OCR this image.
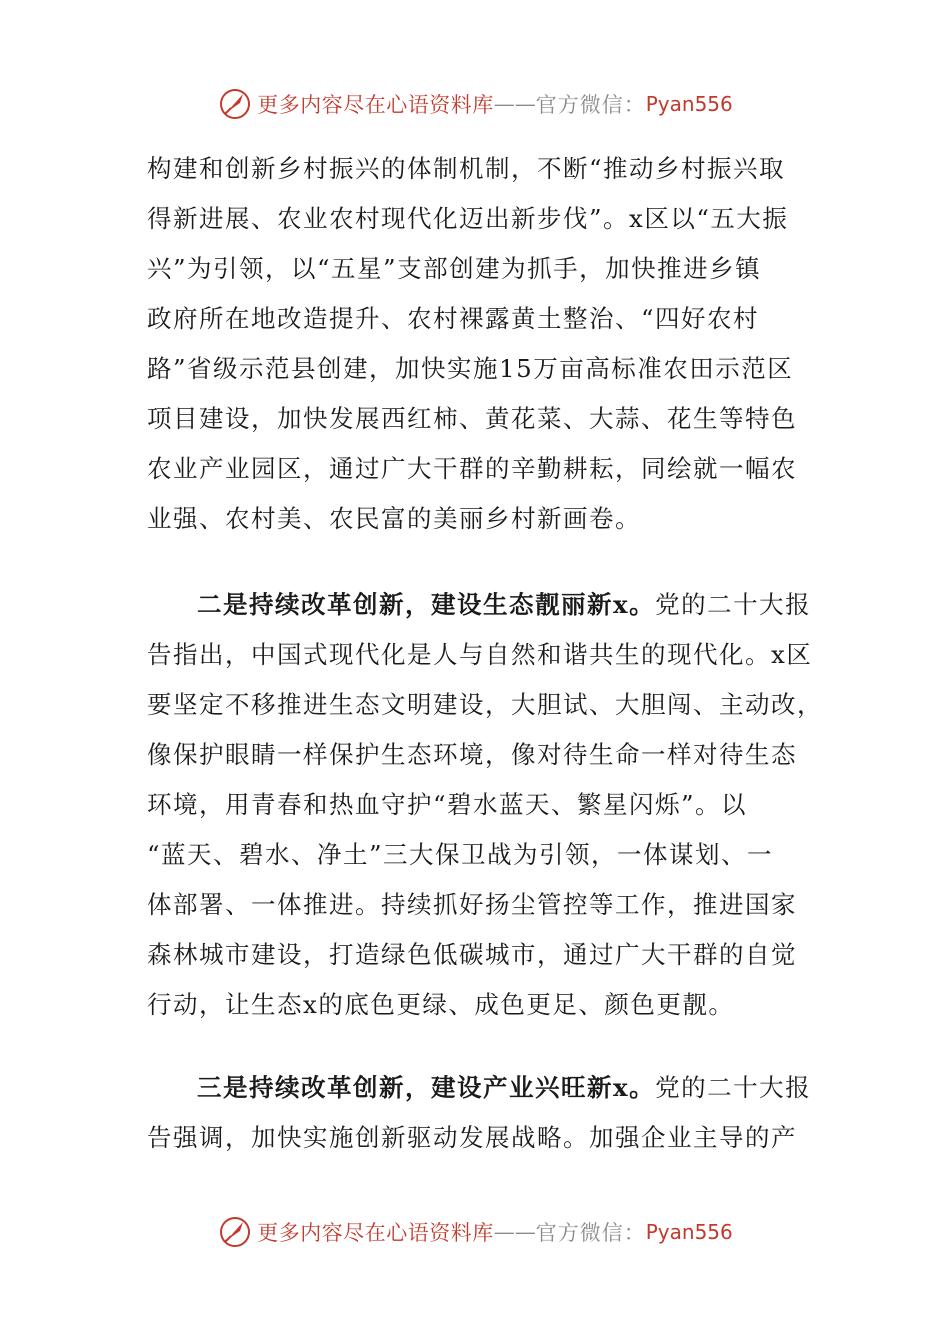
更多内容尽在心语资料库 —— 官方微信： Pyan556

构建和创新乡村振兴的体制机制，不断“推动乡村振兴取
得新进展、农业农村现代化迈出新步伐”。x区以“五大振
兴”为引领，以“五星”支部创建为抓手，加快推进乡镇
政府所在地改造提升、农村裸露黄土整治、“四好农村
路”省级示范县创建，加快实施15万亩高标准农田示范区
项目建设，加快发展西红柿、黄花菜、大蒜、花生等特色
农业产业园区，通过广大干群的辛勤耕耘，同绘就一幅农
业强、农村美、农民富的美丽乡村新画卷。

二是持续改革创新，建设生态靓丽新x。党的二十大报
告指出，中国式现代化是人与自然和谐共生的现代化。x区
要坚定不移推进生态文明建设，大胆试、大胆闯、主动改，
像保护眼睛一样保护生态环境，像对待生命一样对待生态
环境，用青春和热血守护“碧水蓝天、繁星闪烁”。以
“蓝天、碧水、净土”三大保卫战为引领，一体谋划、一
体部署、一体推进。持续抓好扬尘管控等工作，推进国家
森林城市建设，打造绿色低碳城市，通过广大干群的自觉
行动，让生态x的底色更绿、成色更足、颜色更靓。

三是持续改革创新，建设产业兴旺新x。党的二十大报
告强调，加快实施创新驱动发展战略。加强企业主导的产

更多内容尽在心语资料库 —— 官方微信： Pyan556
